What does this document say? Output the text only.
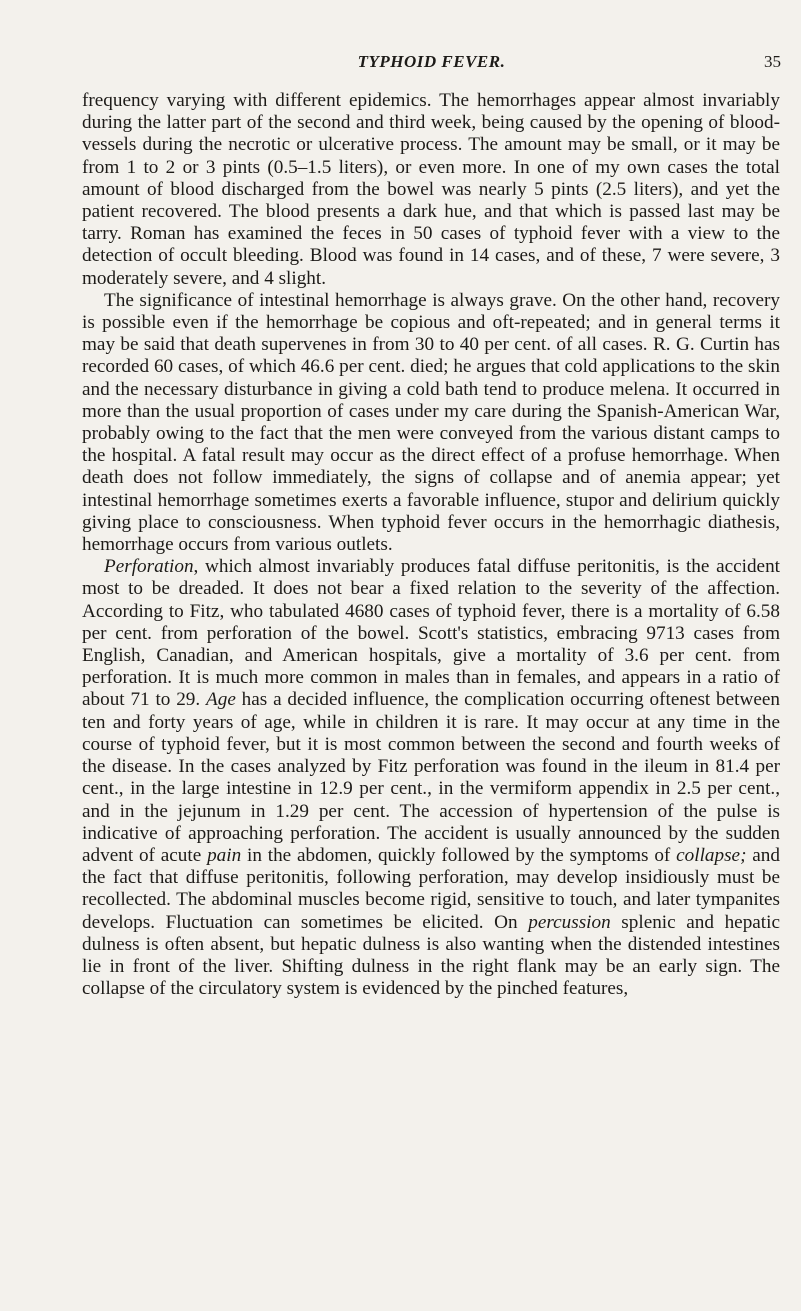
TYPHOID FEVER.	35

frequency varying with different epidemics. The hemorrhages appear almost invariably during the latter part of the second and third week, being caused by the opening of blood-vessels during the necrotic or ulcerative process. The amount may be small, or it may be from 1 to 2 or 3 pints (0.5–1.5 liters), or even more. In one of my own cases the total amount of blood discharged from the bowel was nearly 5 pints (2.5 liters), and yet the patient recovered. The blood presents a dark hue, and that which is passed last may be tarry. Roman has examined the feces in 50 cases of typhoid fever with a view to the detection of occult bleeding. Blood was found in 14 cases, and of these, 7 were severe, 3 moderately severe, and 4 slight.

The significance of intestinal hemorrhage is always grave. On the other hand, recovery is possible even if the hemorrhage be copious and oft-repeated; and in general terms it may be said that death supervenes in from 30 to 40 per cent. of all cases. R. G. Curtin has recorded 60 cases, of which 46.6 per cent. died; he argues that cold applications to the skin and the necessary disturbance in giving a cold bath tend to produce melena. It occurred in more than the usual proportion of cases under my care during the Spanish-American War, probably owing to the fact that the men were conveyed from the various distant camps to the hospital. A fatal result may occur as the direct effect of a profuse hemorrhage. When death does not follow immediately, the signs of collapse and of anemia appear; yet intestinal hemorrhage sometimes exerts a favorable influence, stupor and delirium quickly giving place to consciousness. When typhoid fever occurs in the hemorrhagic diathesis, hemorrhage occurs from various outlets.

Perforation, which almost invariably produces fatal diffuse peritonitis, is the accident most to be dreaded. It does not bear a fixed relation to the severity of the affection. According to Fitz, who tabulated 4680 cases of typhoid fever, there is a mortality of 6.58 per cent. from perforation of the bowel. Scott's statistics, embracing 9713 cases from English, Canadian, and American hospitals, give a mortality of 3.6 per cent. from perforation. It is much more common in males than in females, and appears in a ratio of about 71 to 29. Age has a decided influence, the complication occurring oftenest between ten and forty years of age, while in children it is rare. It may occur at any time in the course of typhoid fever, but it is most common between the second and fourth weeks of the disease. In the cases analyzed by Fitz perforation was found in the ileum in 81.4 per cent., in the large intestine in 12.9 per cent., in the vermiform appendix in 2.5 per cent., and in the jejunum in 1.29 per cent. The accession of hypertension of the pulse is indicative of approaching perforation. The accident is usually announced by the sudden advent of acute pain in the abdomen, quickly followed by the symptoms of collapse; and the fact that diffuse peritonitis, following perforation, may develop insidiously must be recollected. The abdominal muscles become rigid, sensitive to touch, and later tympanites develops. Fluctuation can sometimes be elicited. On percussion splenic and hepatic dulness is often absent, but hepatic dulness is also wanting when the distended intestines lie in front of the liver. Shifting dulness in the right flank may be an early sign. The collapse of the circulatory system is evidenced by the pinched features,
